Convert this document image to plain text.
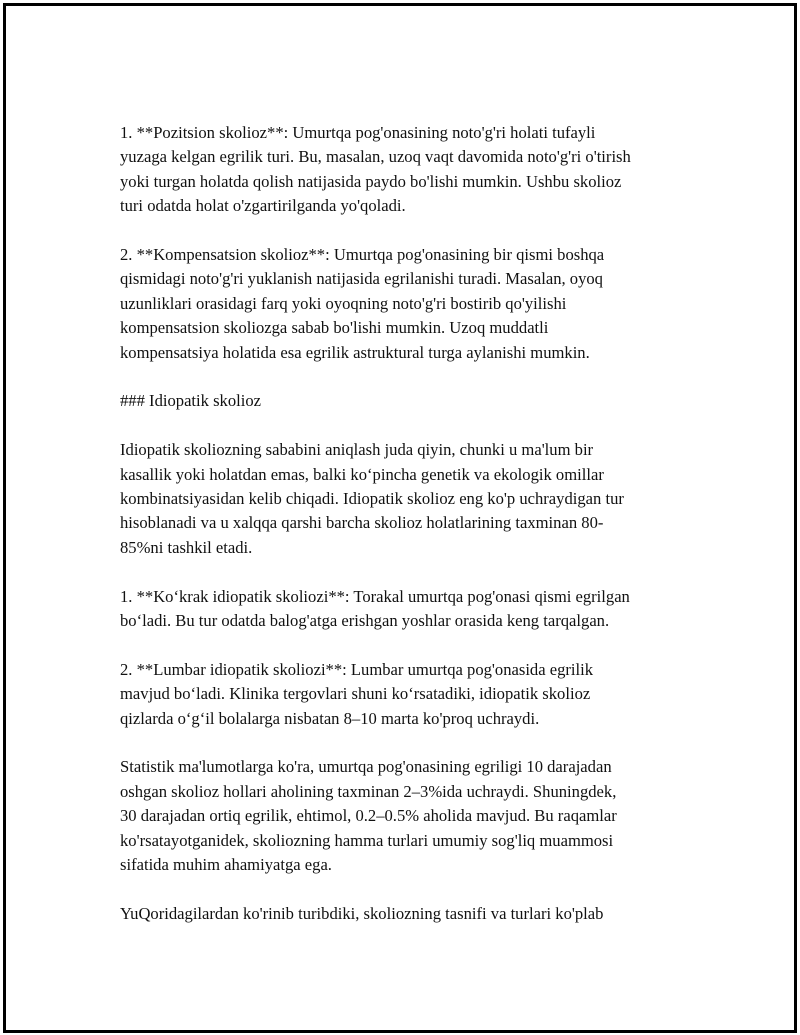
1. **Pozitsion skolioz**: Umurtqa pog'onasining noto'g'ri holati tufayli
yuzaga kelgan egrilik turi. Bu, masalan, uzoq vaqt davomida noto'g'ri o'tirish
yoki turgan holatda qolish natijasida paydo bo'lishi mumkin. Ushbu skolioz
turi odatda holat o'zgartirilganda yo'qoladi.

2. **Kompensatsion skolioz**: Umurtqa pog'onasining bir qismi boshqa
qismidagi noto'g'ri yuklanish natijasida egrilanishi turadi. Masalan, oyoq
uzunliklari orasidagi farq yoki oyoqning noto'g'ri bostirib qo'yilishi
kompensatsion skoliozga sabab bo'lishi mumkin. Uzoq muddatli
kompensatsiya holatida esa egrilik astruktural turga aylanishi mumkin.

### Idiopatik skolioz

Idiopatik skoliozning sababini aniqlash juda qiyin, chunki u ma'lum bir
kasallik yoki holatdan emas, balki ko‘pincha genetik va ekologik omillar
kombinatsiyasidan kelib chiqadi. Idiopatik skolioz eng ko'p uchraydigan tur
hisoblanadi va u xalqqa qarshi barcha skolioz holatlarining taxminan 80-
85%ni tashkil etadi.

1. **Ko‘krak idiopatik skoliozi**: Torakal umurtqa pog'onasi qismi egrilgan
bo‘ladi. Bu tur odatda balog'atga erishgan yoshlar orasida keng tarqalgan.

2. **Lumbar idiopatik skoliozi**: Lumbar umurtqa pog'onasida egrilik
mavjud bo‘ladi. Klinika tergovlari shuni ko‘rsatadiki, idiopatik skolioz
qizlarda o‘g‘il bolalarga nisbatan 8–10 marta ko'proq uchraydi.

Statistik ma'lumotlarga ko'ra, umurtqa pog'onasining egriligi 10 darajadan
oshgan skolioz hollari aholining taxminan 2–3%ida uchraydi. Shuningdek,
30 darajadan ortiq egrilik, ehtimol, 0.2–0.5% aholida mavjud. Bu raqamlar
ko'rsatayotganidek, skoliozning hamma turlari umumiy sog'liq muammosi
sifatida muhim ahamiyatga ega.

YuQoridagilardan ko'rinib turibdiki, skoliozning tasnifi va turlari ko'plab
